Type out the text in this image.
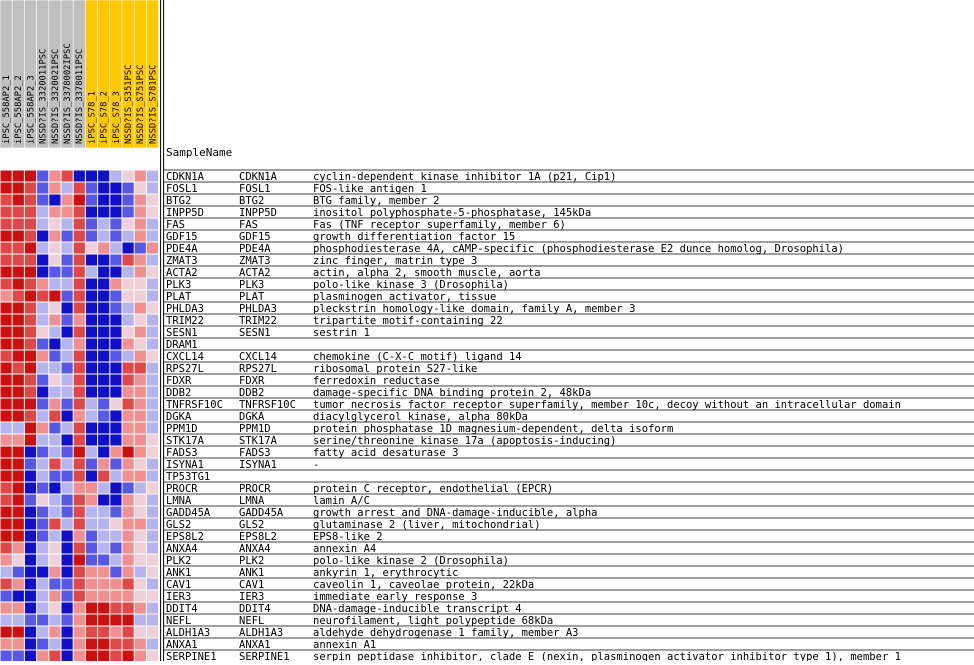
SampleName
iPSC_558AP2_1 iPSC_558AP2_2 iPSC_558AP2_3 NSSD?IS_3320011PSC NSSD?IS_3320021PSC NSSD?IS_3378002IPSC NSSD?IS_3378011PSC iPSC_S78_1 iPSC_S78_2 iPSC_S78_3 NSSD?IS_S351PSC NSSD?IS_S751PSC NSSD?IS_S781PSC
CDKN1A	CDKN1A	cyclin-dependent kinase inhibitor 1A (p21, Cip1)
FOSL1	FOSL1	FOS-like antigen 1
BTG2	BTG2	BTG family, member 2
INPP5D	INPP5D	inositol polyphosphate-5-phosphatase, 145kDa
FAS	FAS	Fas (TNF receptor superfamily, member 6)
GDF15	GDF15	growth differentiation factor 15
PDE4A	PDE4A	phosphodiesterase 4A, cAMP-specific (phosphodiesterase E2 dunce homolog, Drosophila)
ZMAT3	ZMAT3	zinc finger, matrin type 3
ACTA2	ACTA2	actin, alpha 2, smooth muscle, aorta
PLK3	PLK3	polo-like kinase 3 (Drosophila)
PLAT	PLAT	plasminogen activator, tissue
PHLDA3	PHLDA3	pleckstrin homology-like domain, family A, member 3
TRIM22	TRIM22	tripartite motif-containing 22
SESN1	SESN1	sestrin 1
DRAM1
CXCL14	CXCL14	chemokine (C-X-C motif) ligand 14
RPS27L	RPS27L	ribosomal protein S27-like
FDXR	FDXR	ferredoxin reductase
DDB2	DDB2	damage-specific DNA binding protein 2, 48kDa
TNFRSF10C TNFRSF10C tumor necrosis factor receptor superfamily, member 10c, decoy without an intracellular domain
DGKA	DGKA	diacylglycerol kinase, alpha 80kDa
PPM1D	PPM1D	protein phosphatase 1D magnesium-dependent, delta isoform
STK17A	STK17A	serine/threonine kinase 17a (apoptosis-inducing)
FADS3	FADS3	fatty acid desaturase 3
ISYNA1	ISYNA1	-
TP53TG1
PROCR	PROCR	protein C receptor, endothelial (EPCR)
LMNA	LMNA	lamin A/C
GADD45A	GADD45A	growth arrest and DNA-damage-inducible, alpha
GLS2	GLS2	glutaminase 2 (liver, mitochondrial)
EPS8L2	EPS8L2	EPS8-like 2
ANXA4	ANXA4	annexin A4
PLK2	PLK2	polo-like kinase 2 (Drosophila)
ANK1	ANK1	ankyrin 1, erythrocytic
CAV1	CAV1	caveolin 1, caveolae protein, 22kDa
IER3	IER3	immediate early response 3
DDIT4	DDIT4	DNA-damage-inducible transcript 4
NEFL	NEFL	neurofilament, light polypeptide 68kDa
ALDH1A3	ALDH1A3	aldehyde dehydrogenase 1 family, member A3
ANXA1	ANXA1	annexin A1
SERPINE1 SERPINE1 serpin peptidase inhibitor, clade E (nexin, plasminogen activator inhibitor type 1), member 1
